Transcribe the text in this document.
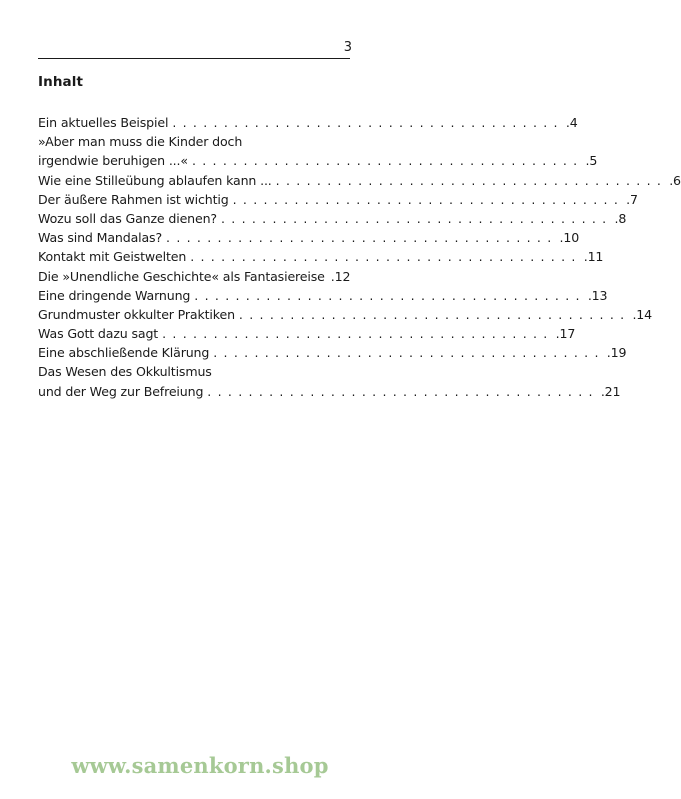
3
Inhalt
Ein aktuelles Beispiel ...................................... .4
»Aber man muss die Kinder doch
irgendwie beruhigen ...« ...................................... .5
Wie eine Stilleübung ablaufen kann ... ...................................... .6
Der äußere Rahmen ist wichtig ...................................... .7
Wozu soll das Ganze dienen? ...................................... .8
Was sind Mandalas? ...................................... .10
Kontakt mit Geistwelten ...................................... .11
Die »Unendliche Geschichte« als Fantasiereise .12
Eine dringende Warnung ...................................... .13
Grundmuster okkulter Praktiken ...................................... .14
Was Gott dazu sagt ...................................... .17
Eine abschließende Klärung ...................................... .19
Das Wesen des Okkultismus
und der Weg zur Befreiung ...................................... .21
www.samenkorn.shop
